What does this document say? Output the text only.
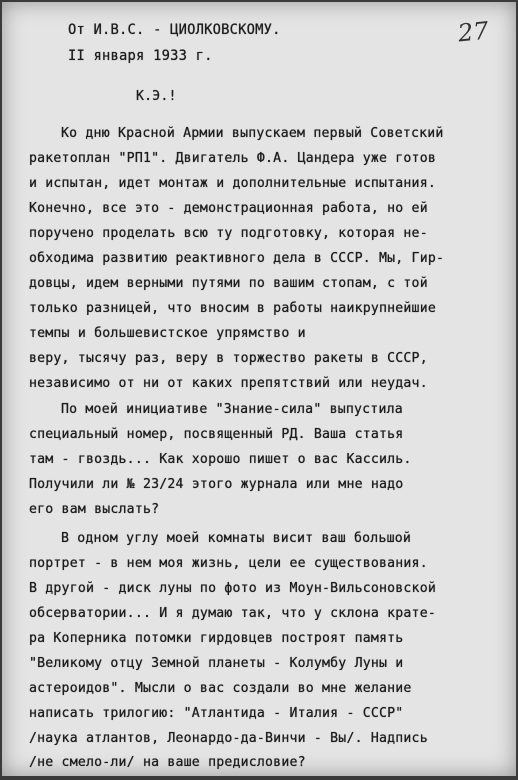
27
От И.В.С. - ЦИОЛКОВСКОМУ.
II января 1933 г.
К.Э.!
Ко дню Красной Армии выпускаем первый Советский
ракетоплан "РП1". Двигатель Ф.А. Цандера уже готов
и испытан, идет монтаж и дополнительные испытания.
Конечно, все это - демонстрационная работа, но ей
поручено проделать всю ту подготовку, которая не-
обходима развитию реактивного дела в СССР. Мы, Гир-
довцы, идем верными путями по вашим стопам, с той
только разницей, что вносим в работы наикрупнейшие
темпы и большевистское упрямство и
веру, тысячу раз, веру в торжество ракеты в СССР,
независимо от ни от каких препятствий или неудач.
По моей инициативе "Знание-сила" выпустила
специальный номер, посвященный РД. Ваша статья
там - гвоздь... Как хорошо пишет о вас Кассиль.
Получили ли № 23/24 этого журнала или мне надо
его вам выслать?
В одном углу моей комнаты висит ваш большой
портрет - в нем моя жизнь, цели ее существования.
В другой - диск луны по фото из Моун-Вильсоновской
обсерватории... И я думаю так, что у склона крате-
ра Коперника потомки гирдовцев построят память
"Великому отцу Земной планеты - Колумбу Луны и
астероидов". Мысли о вас создали во мне желание
написать трилогию: "Атлантида - Италия - СССР"
/наука атлантов, Леонардо-да-Винчи - Вы/. Надпись
/не смело-ли/ на ваше предисловие?
